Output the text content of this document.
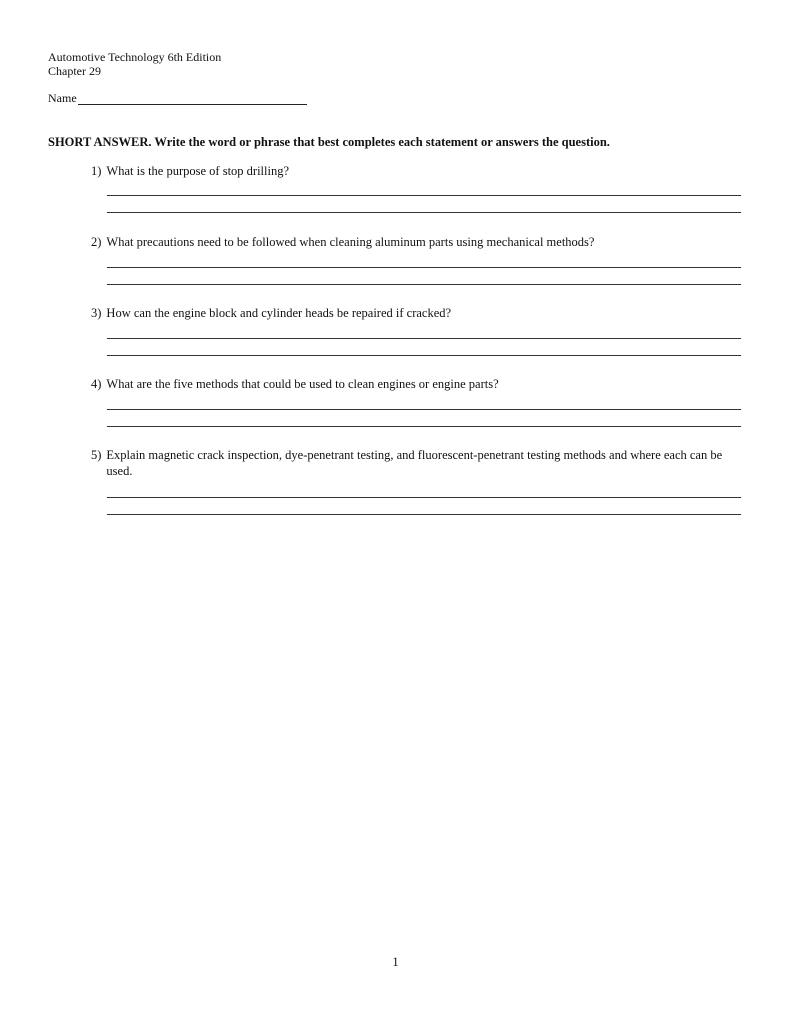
Automotive Technology 6th Edition
Chapter 29
Name
SHORT ANSWER. Write the word or phrase that best completes each statement or answers the question.
1) What is the purpose of stop drilling?
2) What precautions need to be followed when cleaning aluminum parts using mechanical methods?
3) How can the engine block and cylinder heads be repaired if cracked?
4) What are the five methods that could be used to clean engines or engine parts?
5) Explain magnetic crack inspection, dye-penetrant testing, and fluorescent-penetrant testing methods and where each can be used.
1
